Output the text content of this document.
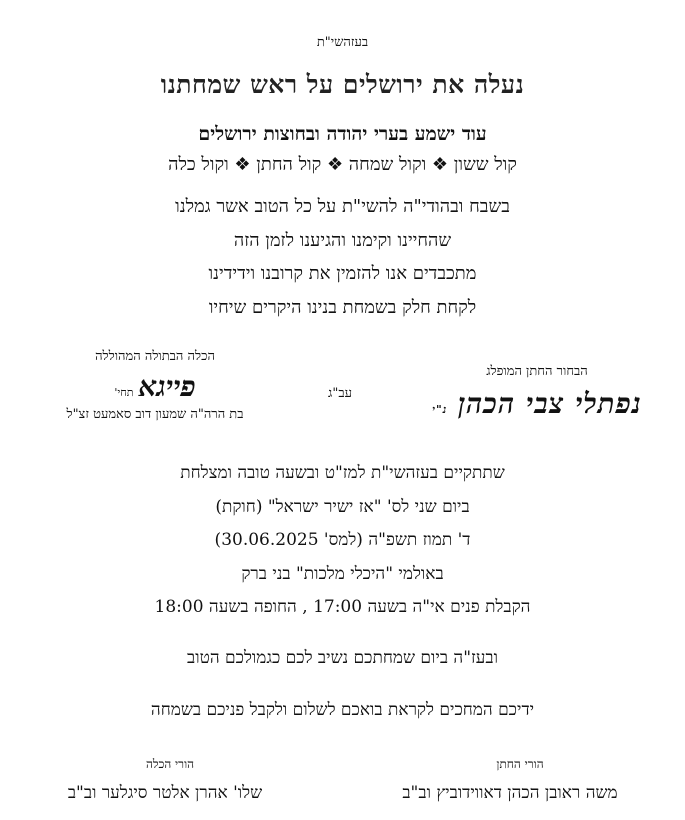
בעזהשי"ת
נעלה את ירושלים על ראש שמחתנו
עוד ישמע בערי יהודה ובחוצות ירושלים
קול ששון ❖ וקול שמחה ❖ קול החתן ❖ וקול כלה
בשבח ובהודי"ה להשי"ת על כל הטוב אשר גמלנו
שהחיינו וקימנו והגיענו לזמן הזה
מתכבדים אנו להזמין את קרובנו וידידינו
לקחת חלק בשמחת בנינו היקרים שיחיו
הבחור החתן המופלג
נפתלי צבי הכהן נ"י
עב"ג
הכלה הבתולה המהוללה
פייגא תחי'
בת הרה"ה שמעון דוב סאמעט זצ"ל
שתתקיים בעזהשי"ת למז"ט ובשעה טובה ומצלחת
ביום שני לס' "אז ישיר ישראל" (חוקת)
ד' תמוז תשפ"ה (למס' 30.06.2025)
באולמי "היכלי מלכות" בני ברק
הקבלת פנים אי"ה בשעה 17:00 , החופה בשעה 18:00
ובעז"ה ביום שמחתכם נשיב לכם כגמולכם הטוב
ידיכם המחכים לקראת בואכם לשלום ולקבל פניכם בשמחה
הורי החתן
הורי הכלה
משה ראובן הכהן דאווידוביץ וב"ב
שלו' אהרן אלטר סיגלער וב"ב
